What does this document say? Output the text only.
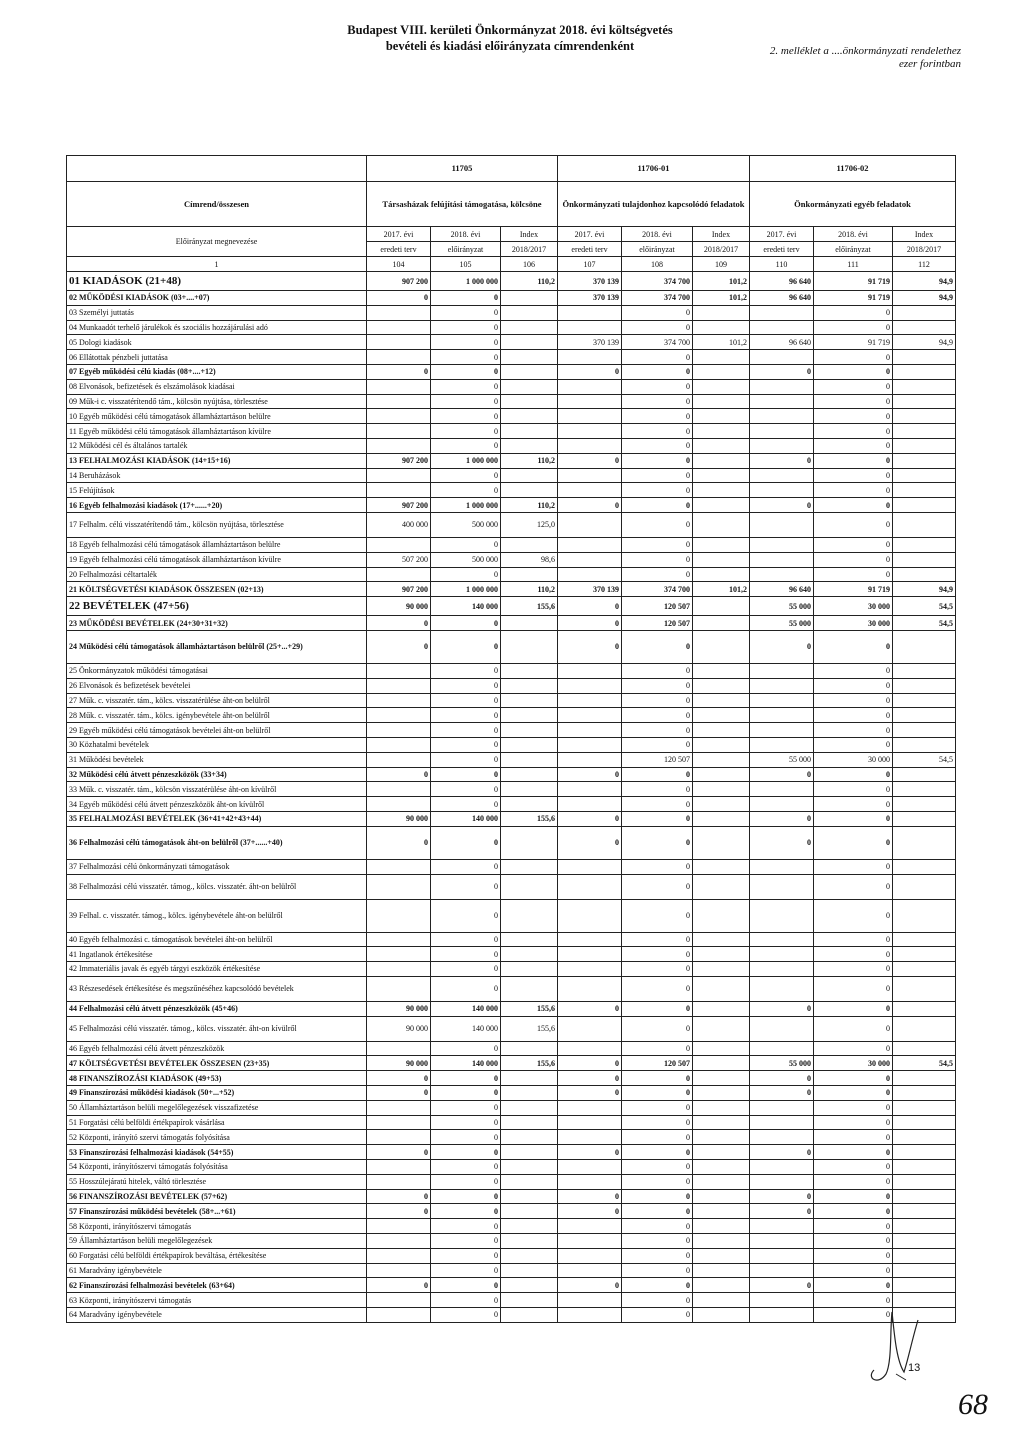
Budapest VIII. kerületi Önkormányzat 2018. évi költségvetés
bevételi és kiadási előirányzata címrendenként	2. melléklet a ....önkormányzati rendelethez
ezer forintban
	11705			11706-01			11706-02		
Címrend/összesen	Társasházak felújítási támogatása, kölcsöne			Önkormányzati tulajdonhoz kapcsolódó feladatok			Önkormányzati egyéb feladatok		
Előirányzat megnevezése	2017. évi	2018. évi	Index	2017. évi	2018. évi	Index	2017. évi	2018. évi	Index
	eredeti terv	előirányzat	2018/2017	eredeti terv	előirányzat	2018/2017	eredeti terv	előirányzat	2018/2017
1	104	105	106	107	108	109	110	111	112
01 KIADÁSOK (21+48)	907 200	1 000 000	110,2	370 139	374 700	101,2	96 640	91 719	94,9
02 MŰKÖDÉSI KIADÁSOK (03+....+07)	0	0		370 139	374 700	101,2	96 640	91 719	94,9
03 Személyi juttatás		0			0			0	
04 Munkaadót terhelő járulékok és szociális hozzájárulási adó		0			0			0	
05 Dologi kiadások		0		370 139	374 700	101,2	96 640	91 719	94,9
06 Ellátottak pénzbeli juttatása		0			0			0	
07 Egyéb működési célú kiadás (08+....+12)	0	0		0	0		0	0	
08 Elvonások, befizetések és elszámolások kiadásai		0			0			0	
09 Műk-i c. visszatérítendő tám., kölcsön nyújtása, törlesztése		0			0			0	
10 Egyéb működési célú támogatások államháztartáson belülre		0			0			0	
11 Egyéb működési célú támogatások államháztartáson kívülre		0			0			0	
12 Működési cél és általános tartalék		0			0			0	
13 FELHALMOZÁSI KIADÁSOK (14+15+16)	907 200	1 000 000	110,2	0	0		0	0	
14 Beruházások		0			0			0	
15 Felújítások		0			0			0	
16 Egyéb felhalmozási kiadások (17+......+20)	907 200	1 000 000	110,2	0	0		0	0	
17 Felhalm. célú visszatérítendő tám., kölcsön nyújtása, törlesztése	400 000	500 000	125,0		0			0	
18 Egyéb felhalmozási célú támogatások államháztartáson belülre		0			0			0	
19 Egyéb felhalmozási célú támogatások államháztartáson kívülre	507 200	500 000	98,6		0			0	
20 Felhalmozási céltartalék		0			0			0	
21 KÖLTSÉGVETÉSI KIADÁSOK ÖSSZESEN (02+13)	907 200	1 000 000	110,2	370 139	374 700	101,2	96 640	91 719	94,9
22 BEVÉTELEK (47+56)	90 000	140 000	155,6	0	120 507		55 000	30 000	54,5
23 MŰKÖDÉSI BEVÉTELEK (24+30+31+32)	0	0		0	120 507		55 000	30 000	54,5
24 Működési célú támogatások államháztartáson belülről (25+...+29)	0	0		0	0		0	0	
25 Önkormányzatok működési támogatásai		0			0			0	
26 Elvonások és befizetések bevételei		0			0			0	
27 Műk. c. visszatér. tám., kölcs. visszatérülése áht-on belülről		0			0			0	
28 Műk. c. visszatér. tám., kölcs. igénybevétele áht-on belülről		0			0			0	
29 Egyéb működési célú támogatások bevételei áht-on belülről		0			0			0	
30 Közhatalmi bevételek		0			0			0	
31 Működési bevételek		0			120 507		55 000	30 000	54,5
32 Működési célú átvett pénzeszközök (33+34)	0	0		0	0		0	0	
33 Műk. c. visszatér. tám., kölcsön visszatérülése áht-on kívülről		0			0			0	
34 Egyéb működési célú átvett pénzeszközök áht-on kívülről		0			0			0	
35 FELHALMOZÁSI BEVÉTELEK (36+41+42+43+44)	90 000	140 000	155,6	0	0		0	0	
36 Felhalmozási célú támogatások áht-on belülről (37+......+40)	0	0		0	0		0	0	
37 Felhalmozási célú önkormányzati támogatások		0			0			0	
38 Felhalmozási célú visszatér. támog., kölcs. visszatér. áht-on belülről		0			0			0	
39 Felhal. c. visszatér. támog., kölcs. igénybevétele áht-on belülről		0			0			0	
40 Egyéb felhalmozási c. támogatások bevételei áht-on belülről		0			0			0	
41 Ingatlanok értékesítése		0			0			0	
42 Immateriális javak és egyéb tárgyi eszközök értékesítése		0			0			0	
43 Részesedések értékesítése és megszűnéséhez kapcsolódó bevételek		0			0			0	
44 Felhalmozási célú átvett pénzeszközök (45+46)	90 000	140 000	155,6	0	0		0	0	
45 Felhalmozási célú visszatér. támog., kölcs. visszatér. áht-on kívülről	90 000	140 000	155,6		0			0	
46 Egyéb felhalmozási célú átvett pénzeszközök		0			0			0	
47 KÖLTSÉGVETÉSI BEVÉTELEK ÖSSZESEN (23+35)	90 000	140 000	155,6	0	120 507		55 000	30 000	54,5
48 FINANSZÍROZÁSI KIADÁSOK (49+53)	0	0		0	0		0	0	
49 Finanszírozási működési kiadások (50+...+52)	0	0		0	0		0	0	
50 Államháztartáson belüli megelőlegezések visszafizetése		0			0			0	
51 Forgatási célú belföldi értékpapírok vásárlása		0			0			0	
52 Központi, irányító szervi támogatás folyósítása		0			0			0	
53 Finanszírozási felhalmozási kiadások (54+55)	0	0		0	0		0	0	
54 Központi, irányítószervi támogatás folyósítása		0			0			0	
55 Hosszúlejáratú hitelek, váltó törlesztése		0			0			0	
56 FINANSZÍROZÁSI BEVÉTELEK (57+62)	0	0		0	0		0	0	
57 Finanszírozási működési bevételek (58+...+61)	0	0		0	0		0	0	
58 Központi, irányítószervi támogatás		0			0			0	
59 Államháztartáson belüli megelőlegezések		0			0			0	
60 Forgatási célú belföldi értékpapírok beváltása, értékesítése		0			0			0	
61 Maradvány igénybevétele		0			0			0	
62 Finanszírozási felhalmozási bevételek (63+64)	0	0		0	0		0	0	
63 Központi, irányítószervi támogatás		0			0			0	
64 Maradvány igénybevétele		0			0			0	
13
68
